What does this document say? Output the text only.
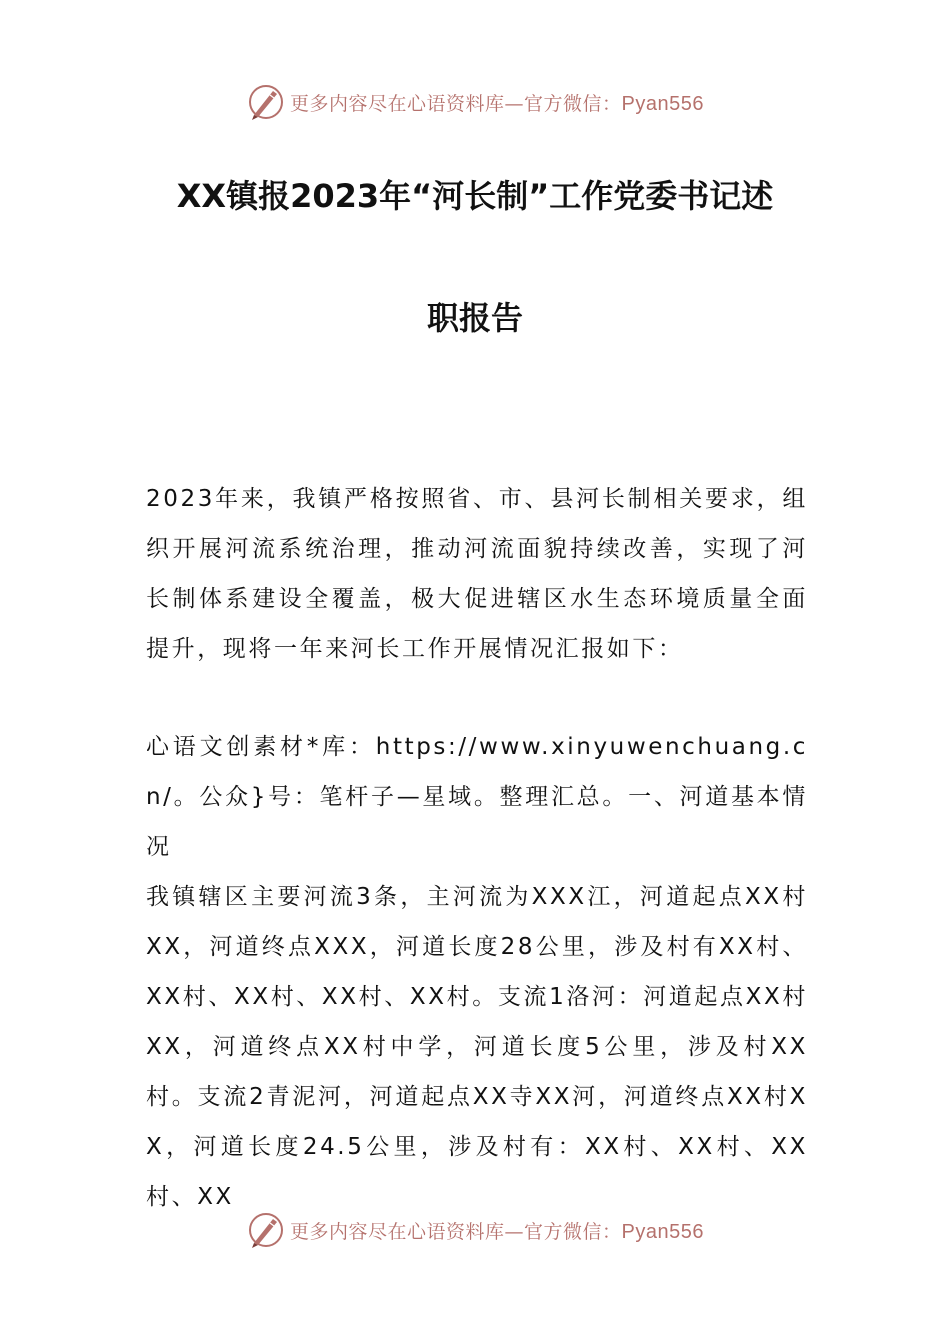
更多内容尽在心语资料库—官方微信：Pyan556
XX镇报2023年“河长制”工作党委书记述
职报告

2023年来，我镇严格按照省、市、县河长制相关要求，组织开展河流系统治理，推动河流面貌持续改善，实现了河长制体系建设全覆盖，极大促进辖区水生态环境质量全面提升，现将一年来河长工作开展情况汇报如下：

心语文创素材*库：https://www.xinyuwenchuang.cn/。公众}号：笔杆子—星域。整理汇总。一、河道基本情况

我镇辖区主要河流3条，主河流为XXX江，河道起点XX村XX，河道终点XXX，河道长度28公里，涉及村有XX村、XX村、XX村、XX村、XX村。支流1洛河：河道起点XX村XX，河道终点XX村中学，河道长度5公里，涉及村XX村。支流2青泥河，河道起点XX寺XX河，河道终点XX村XX，河道长度24.5公里，涉及村有：XX村、XX村、XX村、XX

更多内容尽在心语资料库—官方微信：Pyan556
